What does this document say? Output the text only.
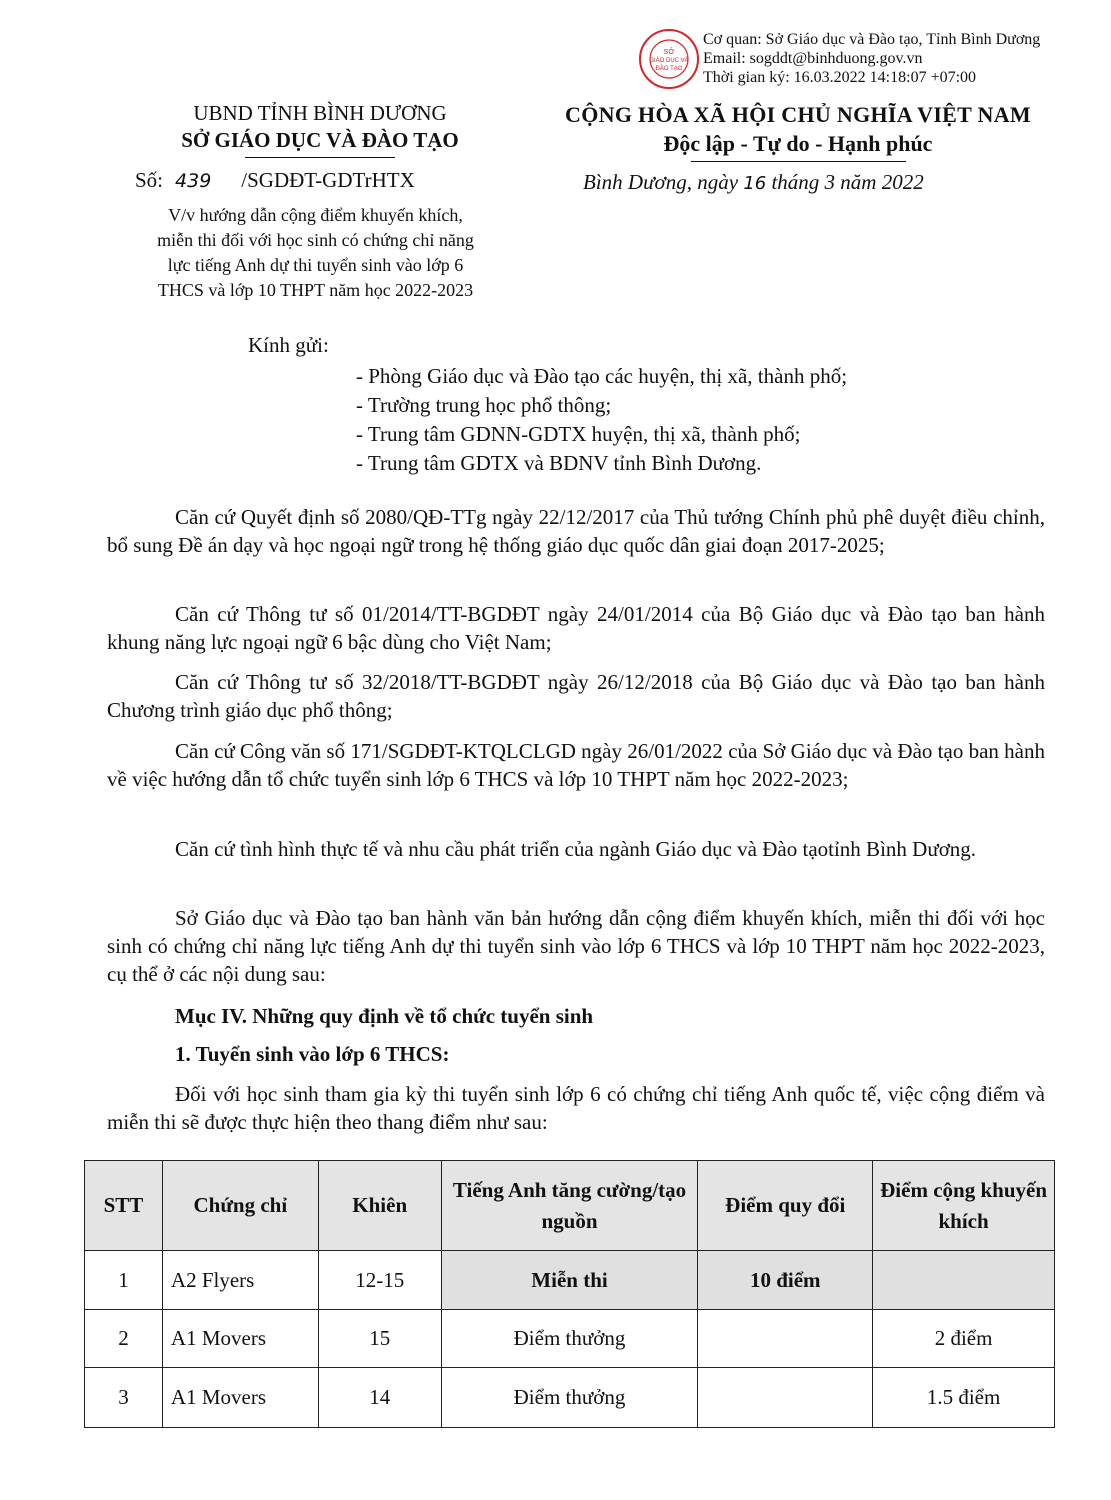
SỞ
GIÁO DỤC VÀ
ĐÀO TẠO
Cơ quan: Sở Giáo dục và Đào tạo, Tỉnh Bình Dương
Email: sogddt@binhduong.gov.vn
Thời gian ký: 16.03.2022 14:18:07 +07:00
UBND TỈNH BÌNH DƯƠNG
SỞ GIÁO DỤC VÀ ĐÀO TẠO
CỘNG HÒA XÃ HỘI CHỦ NGHĨA VIỆT NAM
Độc lập - Tự do - Hạnh phúc
Số: 439 /SGDĐT-GDTrHTX	Bình Dương, ngày 16 tháng 3 năm 2022
V/v hướng dẫn cộng điểm khuyến khích,
miễn thi đối với học sinh có chứng chỉ năng
lực tiếng Anh dự thi tuyển sinh vào lớp 6
THCS và lớp 10 THPT năm học 2022-2023
Kính gửi:
- Phòng Giáo dục và Đào tạo các huyện, thị xã, thành phố;
- Trường trung học phổ thông;
- Trung tâm GDNN-GDTX huyện, thị xã, thành phố;
- Trung tâm GDTX và BDNV tỉnh Bình Dương.
Căn cứ Quyết định số 2080/QĐ-TTg ngày 22/12/2017 của Thủ tướng Chính phủ phê duyệt điều chỉnh, bổ sung Đề án dạy và học ngoại ngữ trong hệ thống giáo dục quốc dân giai đoạn 2017-2025;
Căn cứ Thông tư số 01/2014/TT-BGDĐT ngày 24/01/2014 của Bộ Giáo dục và Đào tạo ban hành khung năng lực ngoại ngữ 6 bậc dùng cho Việt Nam;
Căn cứ Thông tư số 32/2018/TT-BGDĐT ngày 26/12/2018 của Bộ Giáo dục và Đào tạo ban hành Chương trình giáo dục phổ thông;
Căn cứ Công văn số 171/SGDĐT-KTQLCLGD ngày 26/01/2022 của Sở Giáo dục và Đào tạo ban hành về việc hướng dẫn tổ chức tuyển sinh lớp 6 THCS và lớp 10 THPT năm học 2022-2023;
Căn cứ tình hình thực tế và nhu cầu phát triển của ngành Giáo dục và Đào tạotỉnh Bình Dương.
Sở Giáo dục và Đào tạo ban hành văn bản hướng dẫn cộng điểm khuyến khích, miễn thi đối với học sinh có chứng chỉ năng lực tiếng Anh dự thi tuyển sinh vào lớp 6 THCS và lớp 10 THPT năm học 2022-2023, cụ thể ở các nội dung sau:
Mục IV. Những quy định về tổ chức tuyển sinh
1. Tuyển sinh vào lớp 6 THCS:
Đối với học sinh tham gia kỳ thi tuyển sinh lớp 6 có chứng chỉ tiếng Anh quốc tế, việc cộng điểm và miễn thi sẽ được thực hiện theo thang điểm như sau:
STT	Chứng chỉ	Khiên	Tiếng Anh tăng cường/tạo nguồn	Điểm quy đổi	Điểm cộng khuyến khích
1	A2 Flyers	12-15	Miễn thi	10 điểm	
2	A1 Movers	15	Điểm thưởng		2 điểm
3	A1 Movers	14	Điểm thưởng		1.5 điểm
